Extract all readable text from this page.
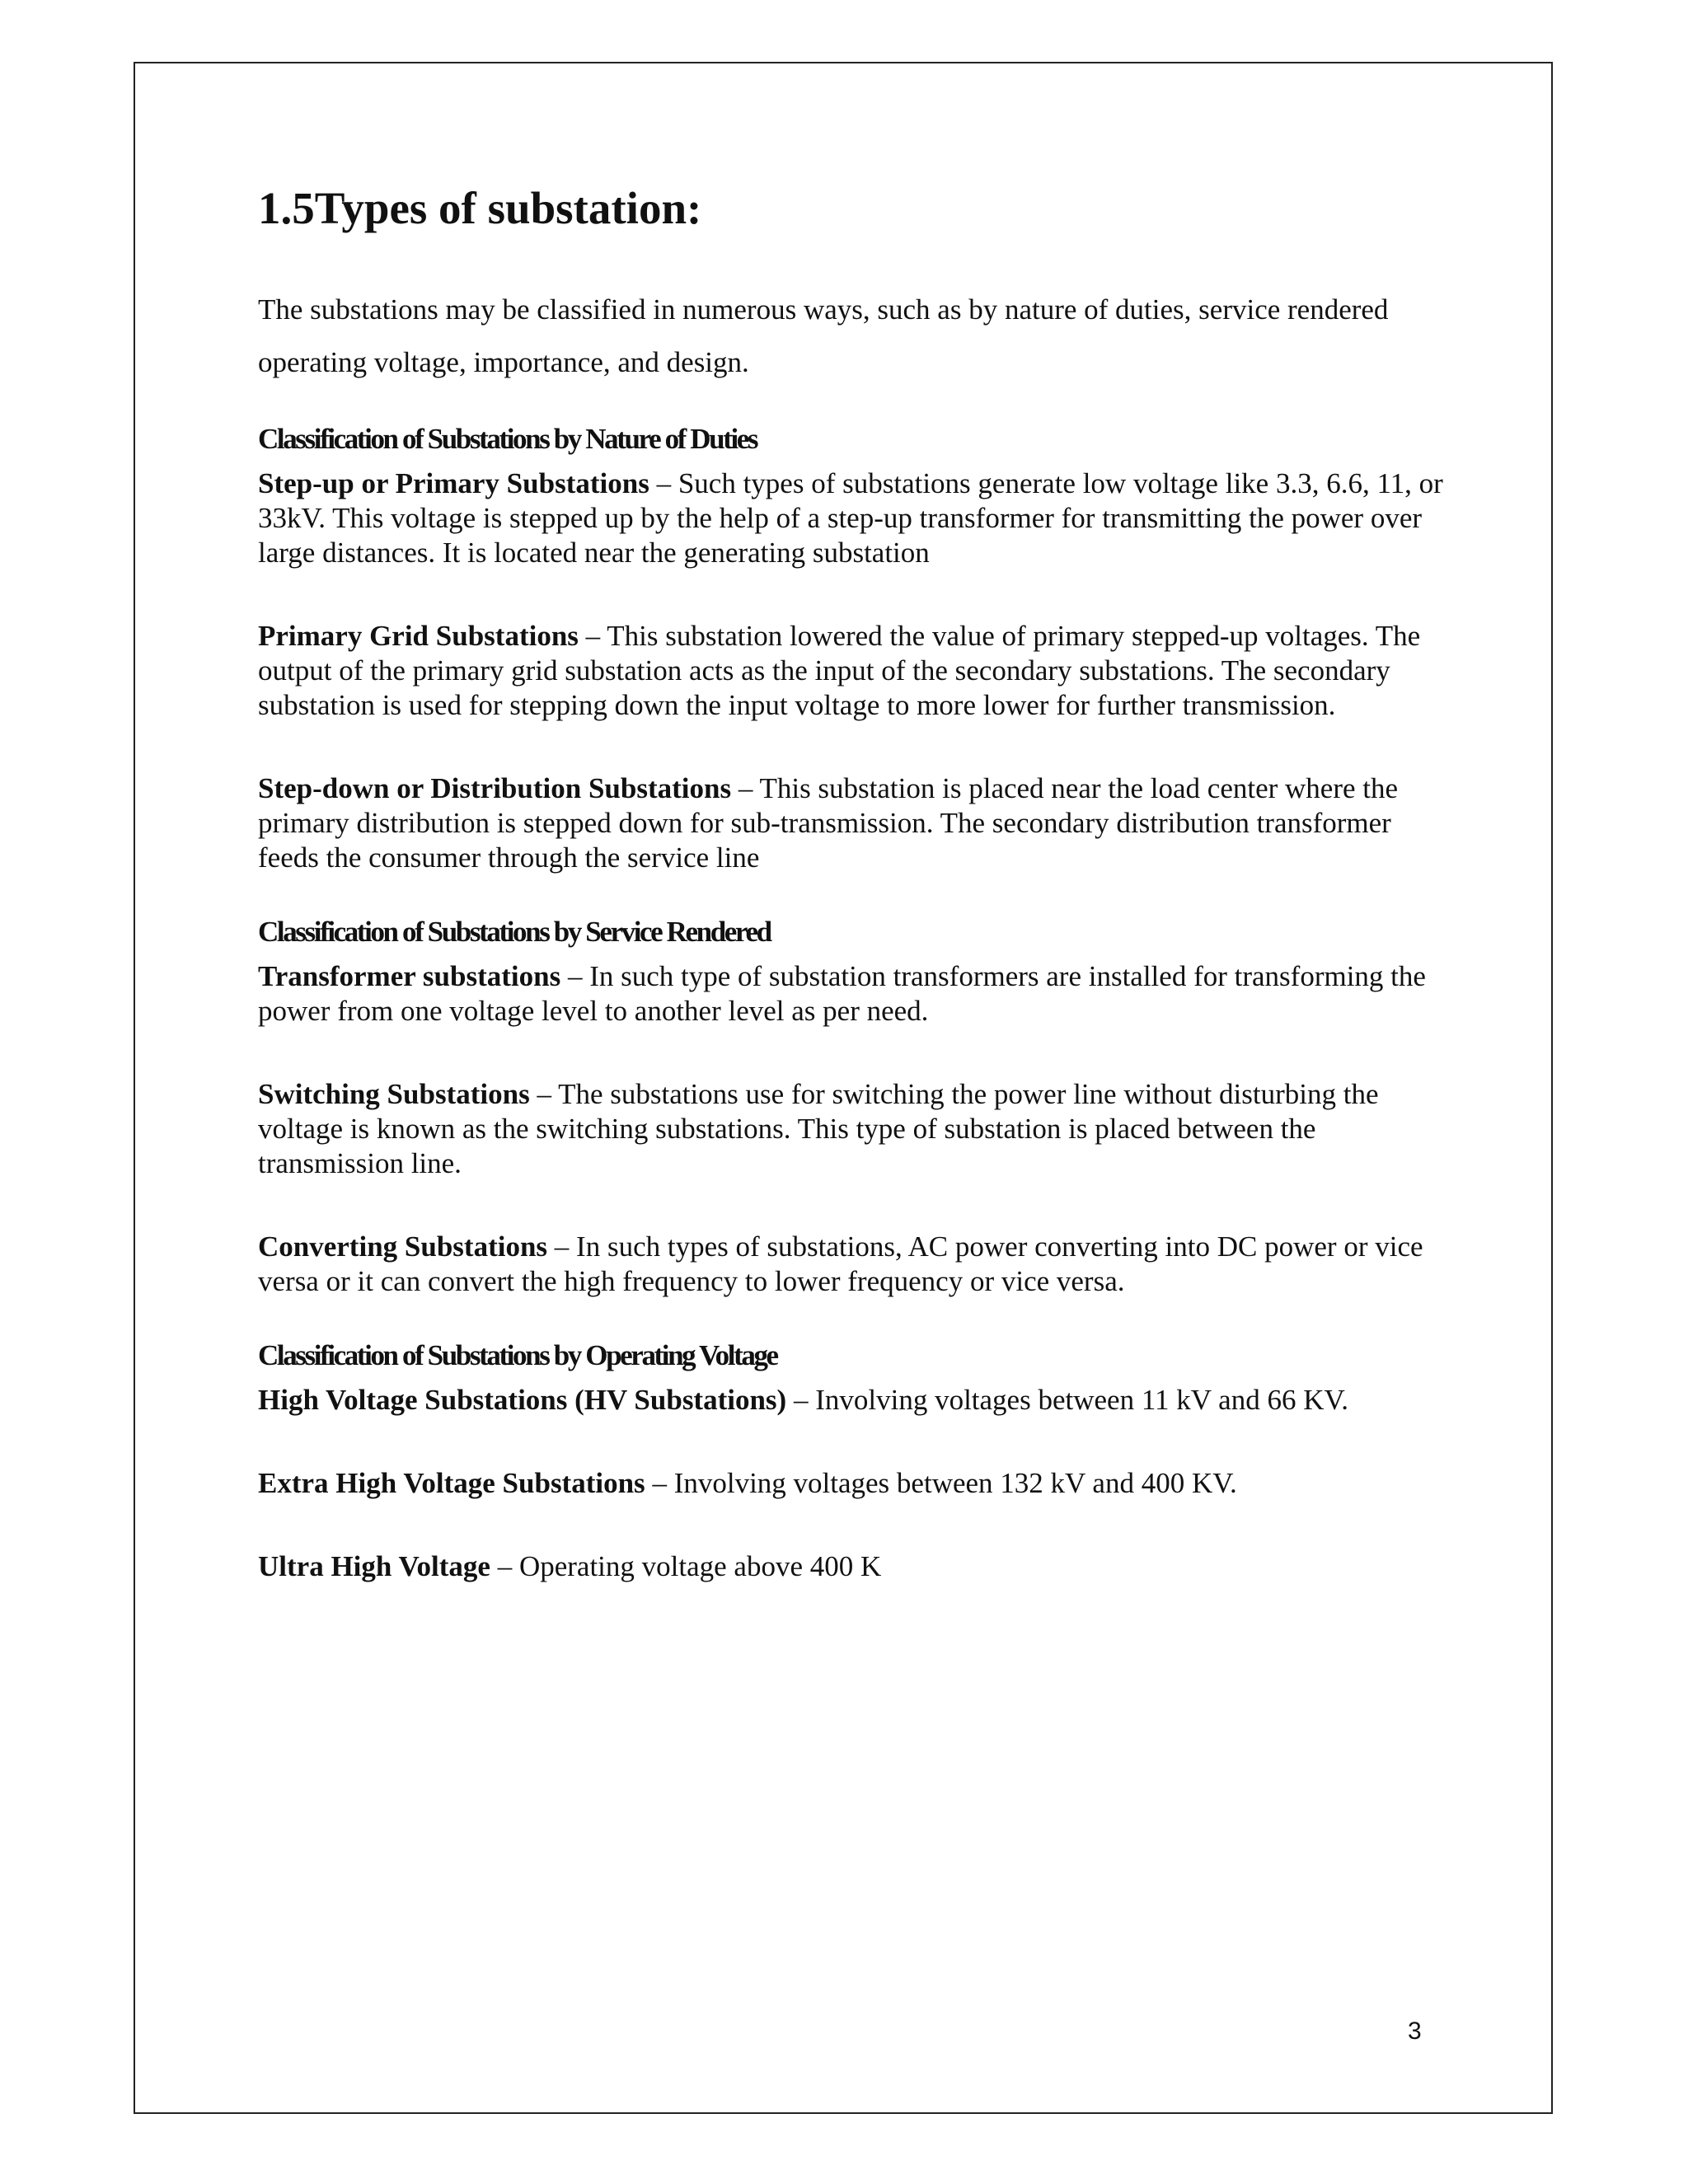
1.5Types of substation:

The substations may be classified in numerous ways, such as by nature of duties, service rendered operating voltage, importance, and design.

Classification of Substations by Nature of Duties

Step-up or Primary Substations – Such types of substations generate low voltage like 3.3, 6.6, 11, or 33kV. This voltage is stepped up by the help of a step-up transformer for transmitting the power over large distances. It is located near the generating substation

Primary Grid Substations – This substation lowered the value of primary stepped-up voltages. The output of the primary grid substation acts as the input of the secondary substations. The secondary substation is used for stepping down the input voltage to more lower for further transmission.

Step-down or Distribution Substations – This substation is placed near the load center where the primary distribution is stepped down for sub-transmission. The secondary distribution transformer feeds the consumer through the service line

Classification of Substations by Service Rendered

Transformer substations – In such type of substation transformers are installed for transforming the power from one voltage level to another level as per need.

Switching Substations – The substations use for switching the power line without disturbing the voltage is known as the switching substations. This type of substation is placed between the transmission line.

Converting Substations – In such types of substations, AC power converting into DC power or vice versa or it can convert the high frequency to lower frequency or vice versa.

Classification of Substations by Operating Voltage

High Voltage Substations (HV Substations) – Involving voltages between 11 kV and 66 KV.

Extra High Voltage Substations – Involving voltages between 132 kV and 400 KV.

Ultra High Voltage – Operating voltage above 400 K

3
